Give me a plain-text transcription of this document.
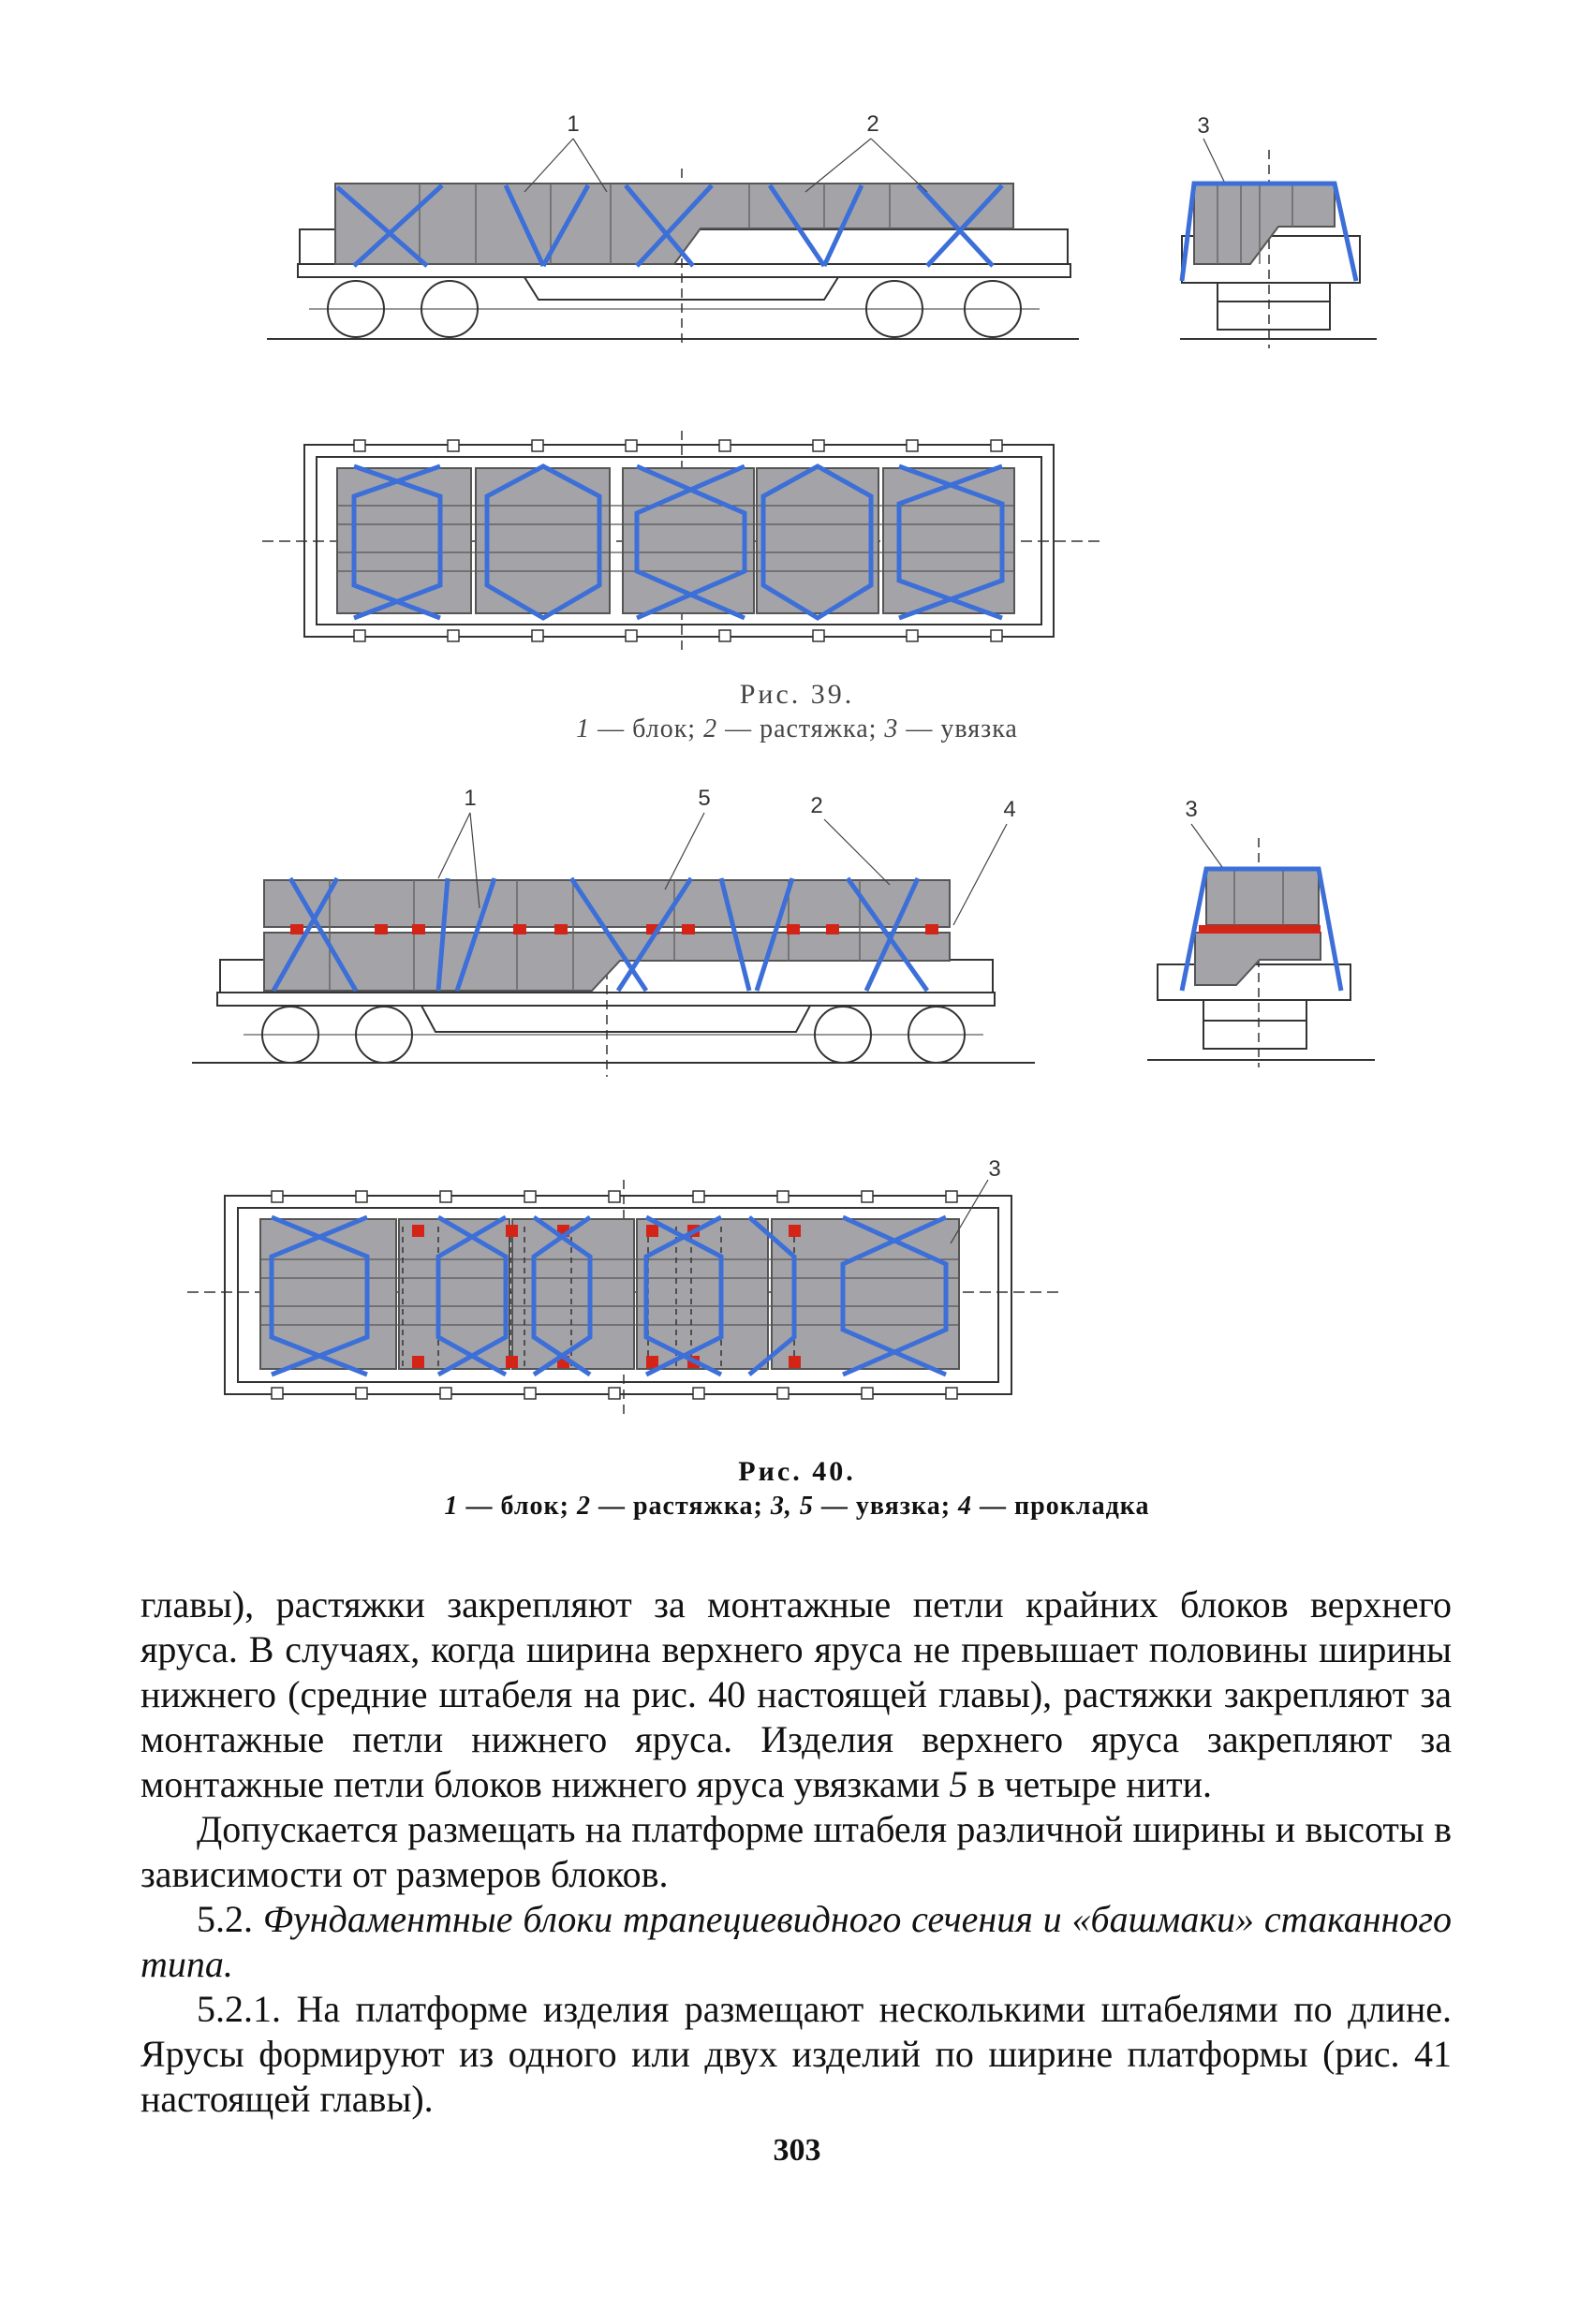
1	2	3
Рис. 39.
1 — блок; 2 — растяжка; 3 — увязка
1	5	2	4	3
3
Рис. 40.
1 — блок; 2 — растяжка; 3, 5 — увязка; 4 — прокладка

главы), растяжки закрепляют за монтажные петли крайних блоков верхнего яруса. В случаях, когда ширина верхнего яруса не превышает половины ширины нижнего (средние штабеля на рис. 40 настоящей главы), растяжки закрепляют за монтажные петли нижнего яруса. Изделия верхнего яруса закрепляют за монтажные петли блоков нижнего яруса увязками 5 в четыре нити.

Допускается размещать на платформе штабеля различной ширины и высоты в зависимости от размеров блоков.

5.2. Фундаментные блоки трапециевидного сечения и «башмаки» стаканного типа.

5.2.1. На платформе изделия размещают несколькими штабелями по длине. Ярусы формируют из одного или двух изделий по ширине платформы (рис. 41 настоящей главы).

303
